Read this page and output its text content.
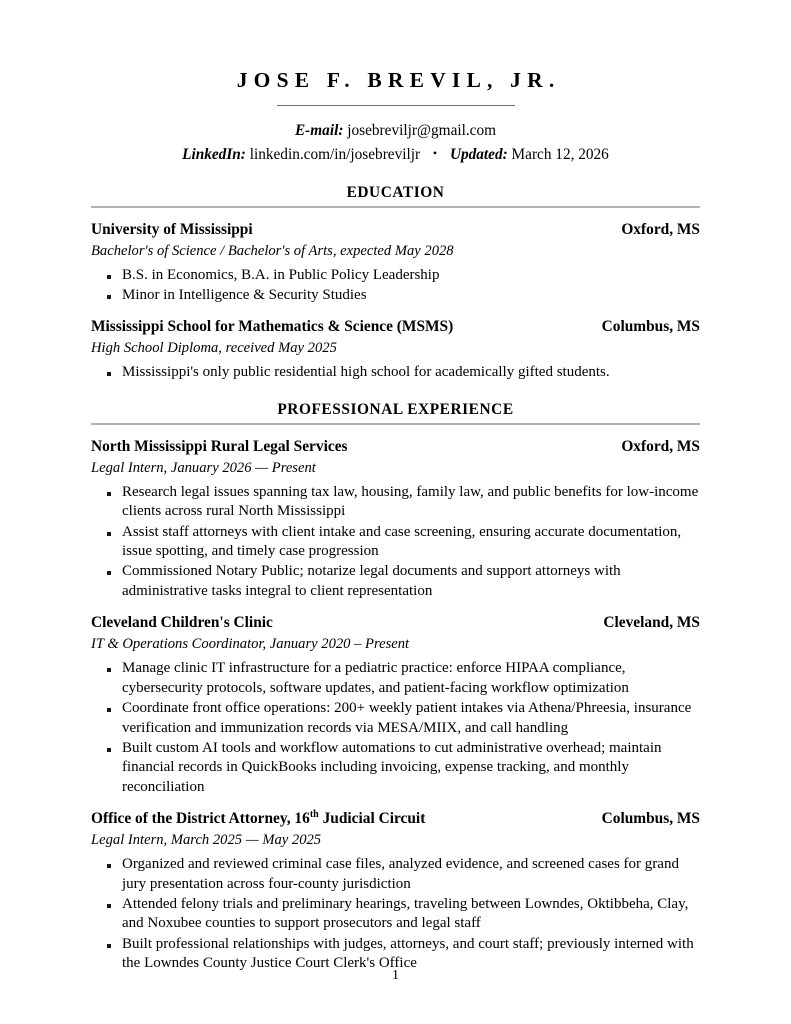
JOSE F. BREVIL, JR.
E-mail: josebreviljr@gmail.com
LinkedIn: linkedin.com/in/josebreviljr • Updated: March 12, 2026
EDUCATION
University of Mississippi	Oxford, MS
Bachelor's of Science / Bachelor's of Arts, expected May 2028
B.S. in Economics, B.A. in Public Policy Leadership
Minor in Intelligence & Security Studies
Mississippi School for Mathematics & Science (MSMS)	Columbus, MS
High School Diploma, received May 2025
Mississippi's only public residential high school for academically gifted students.
PROFESSIONAL EXPERIENCE
North Mississippi Rural Legal Services	Oxford, MS
Legal Intern, January 2026 — Present
Research legal issues spanning tax law, housing, family law, and public benefits for low-income clients across rural North Mississippi
Assist staff attorneys with client intake and case screening, ensuring accurate documentation, issue spotting, and timely case progression
Commissioned Notary Public; notarize legal documents and support attorneys with administrative tasks integral to client representation
Cleveland Children's Clinic	Cleveland, MS
IT & Operations Coordinator, January 2020 – Present
Manage clinic IT infrastructure for a pediatric practice: enforce HIPAA compliance, cybersecurity protocols, software updates, and patient-facing workflow optimization
Coordinate front office operations: 200+ weekly patient intakes via Athena/Phreesia, insurance verification and immunization records via MESA/MIIX, and call handling
Built custom AI tools and workflow automations to cut administrative overhead; maintain financial records in QuickBooks including invoicing, expense tracking, and monthly reconciliation
Office of the District Attorney, 16th Judicial Circuit	Columbus, MS
Legal Intern, March 2025 — May 2025
Organized and reviewed criminal case files, analyzed evidence, and screened cases for grand jury presentation across four-county jurisdiction
Attended felony trials and preliminary hearings, traveling between Lowndes, Oktibbeha, Clay, and Noxubee counties to support prosecutors and legal staff
Built professional relationships with judges, attorneys, and court staff; previously interned with the Lowndes County Justice Court Clerk's Office
1
